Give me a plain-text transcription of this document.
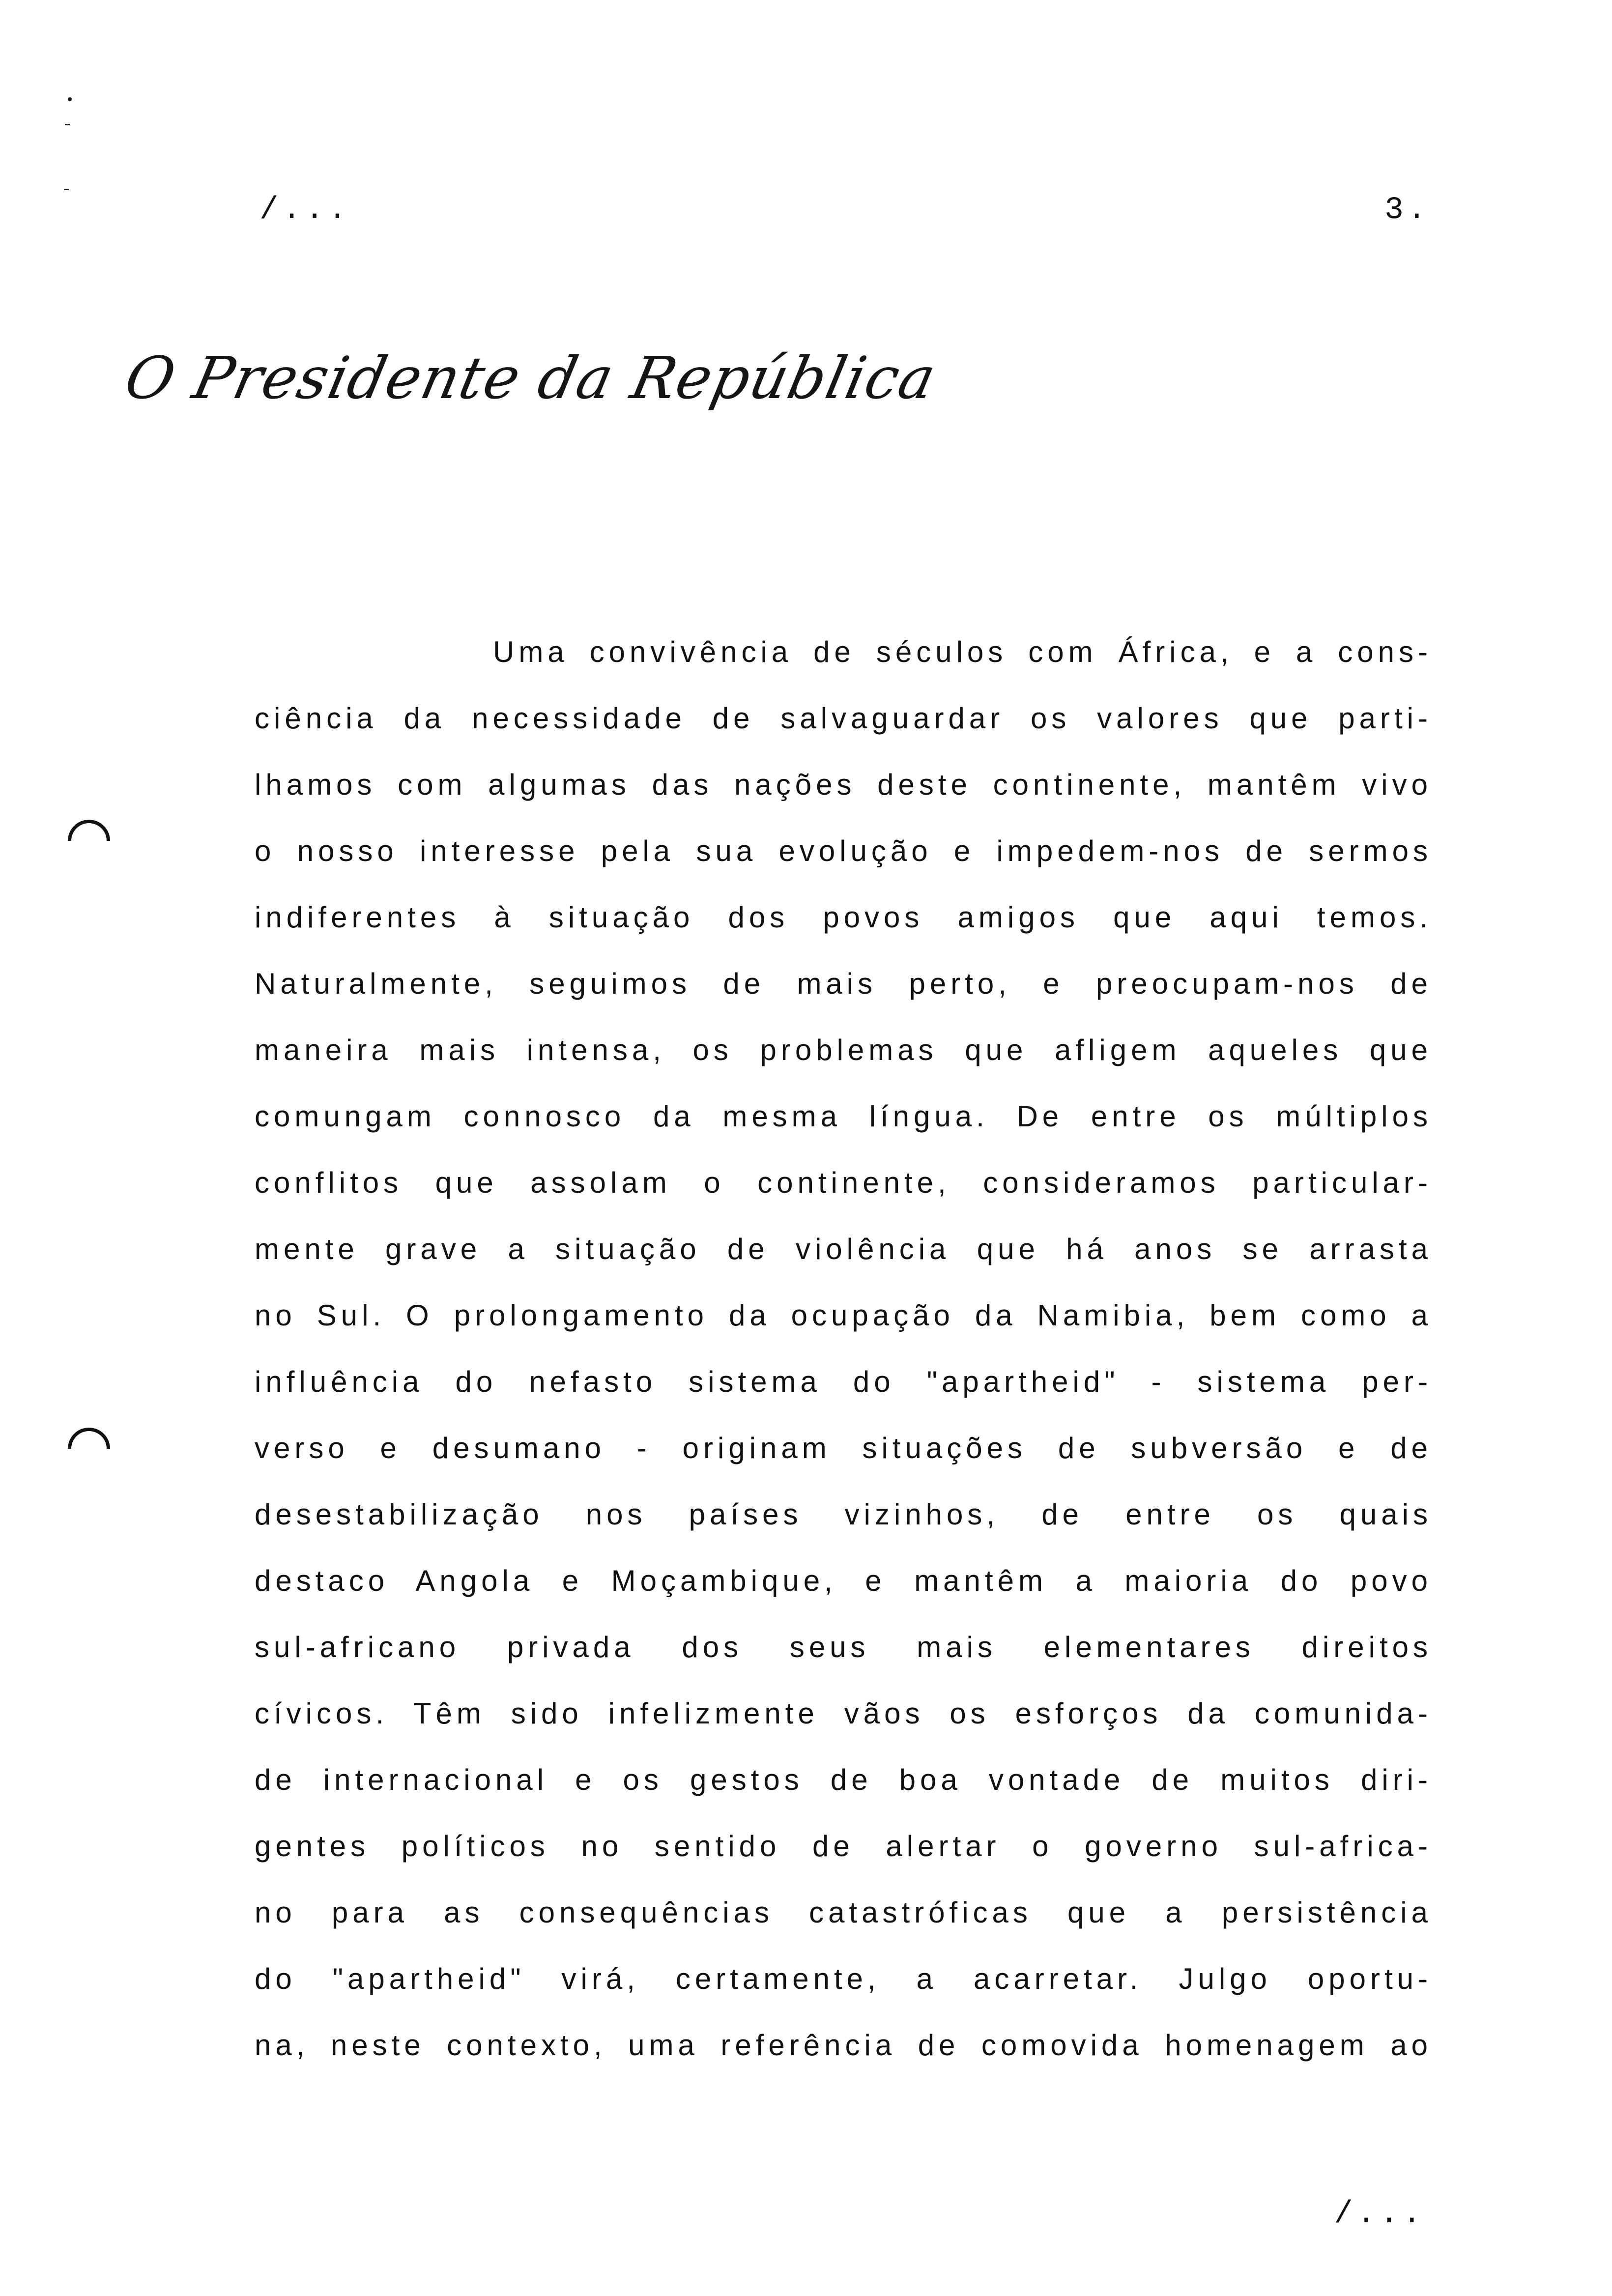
/...	3.
O Presidente da República
Uma convivência de séculos com África, e a cons-
ciência da necessidade de salvaguardar os valores que parti-
lhamos com algumas das nações deste continente, mantêm vivo
o nosso interesse pela sua evolução e impedem-nos de sermos
indiferentes à situação dos povos amigos que aqui temos.
Naturalmente, seguimos de mais perto, e preocupam-nos de
maneira mais intensa, os problemas que afligem aqueles que
comungam connosco da mesma língua. De entre os múltiplos
conflitos que assolam o continente, consideramos particular-
mente grave a situação de violência que há anos se arrasta
no Sul. O prolongamento da ocupação da Namibia, bem como a
influência do nefasto sistema do "apartheid" - sistema per-
verso e desumano - originam situações de subversão e de
desestabilização nos países vizinhos, de entre os quais
destaco Angola e Moçambique, e mantêm a maioria do povo
sul-africano privada dos seus mais elementares direitos
cívicos. Têm sido infelizmente vãos os esforços da comunida-
de internacional e os gestos de boa vontade de muitos diri-
gentes políticos no sentido de alertar o governo sul-africa-
no para as consequências catastróficas que a persistência
do "apartheid" virá, certamente, a acarretar. Julgo oportu-
na, neste contexto, uma referência de comovida homenagem ao
/...
